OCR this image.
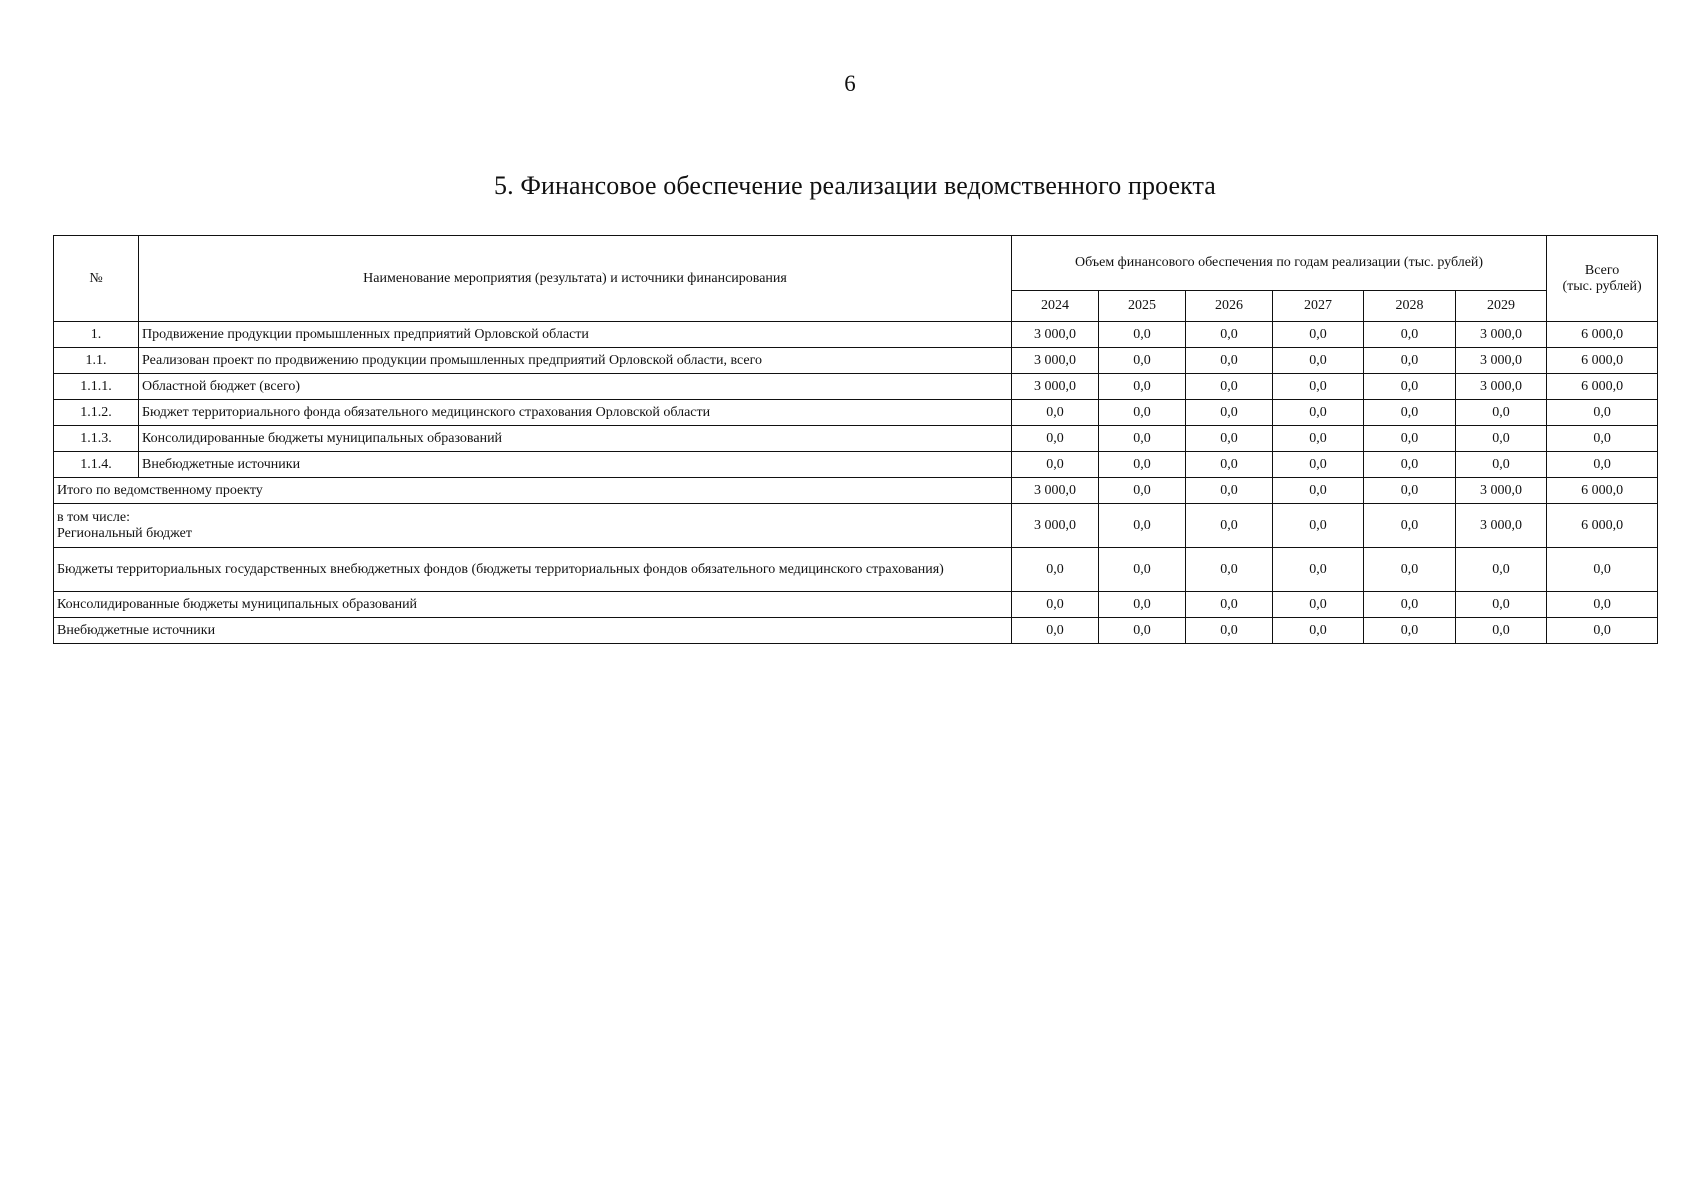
6
5. Финансовое обеспечение реализации ведомственного проекта
№	Наименование мероприятия (результата) и источники финансирования	Объем финансового обеспечения по годам реализации (тыс. рублей)						Всего
(тыс. рублей)

		2024	2025	2026	2027	2028	2029	
1.	Продвижение продукции промышленных предприятий Орловской области	3 000,0	0,0	0,0	0,0	0,0	3 000,0	6 000,0
1.1.	Реализован проект по продвижению продукции промышленных предприятий Орловской области, всего	3 000,0	0,0	0,0	0,0	0,0	3 000,0	6 000,0
1.1.1.	Областной бюджет (всего)	3 000,0	0,0	0,0	0,0	0,0	3 000,0	6 000,0
1.1.2.	Бюджет территориального фонда обязательного медицинского страхования Орловской области	0,0	0,0	0,0	0,0	0,0	0,0	0,0
1.1.3.	Консолидированные бюджеты муниципальных образований	0,0	0,0	0,0	0,0	0,0	0,0	0,0
1.1.4.	Внебюджетные источники	0,0	0,0	0,0	0,0	0,0	0,0	0,0
Итого по ведомственному проекту		3 000,0	0,0	0,0	0,0	0,0	3 000,0	6 000,0

в том числе:
Региональный бюджет		3 000,0	0,0	0,0	0,0	0,0	3 000,0	6 000,0
Бюджеты территориальных государственных внебюджетных фондов (бюджеты территориальных фондов обязательного медицинского страхования)		0,0	0,0	0,0	0,0	0,0	0,0	0,0
Консолидированные бюджеты муниципальных образований		0,0	0,0	0,0	0,0	0,0	0,0	0,0
Внебюджетные источники		0,0	0,0	0,0	0,0	0,0	0,0	0,0
